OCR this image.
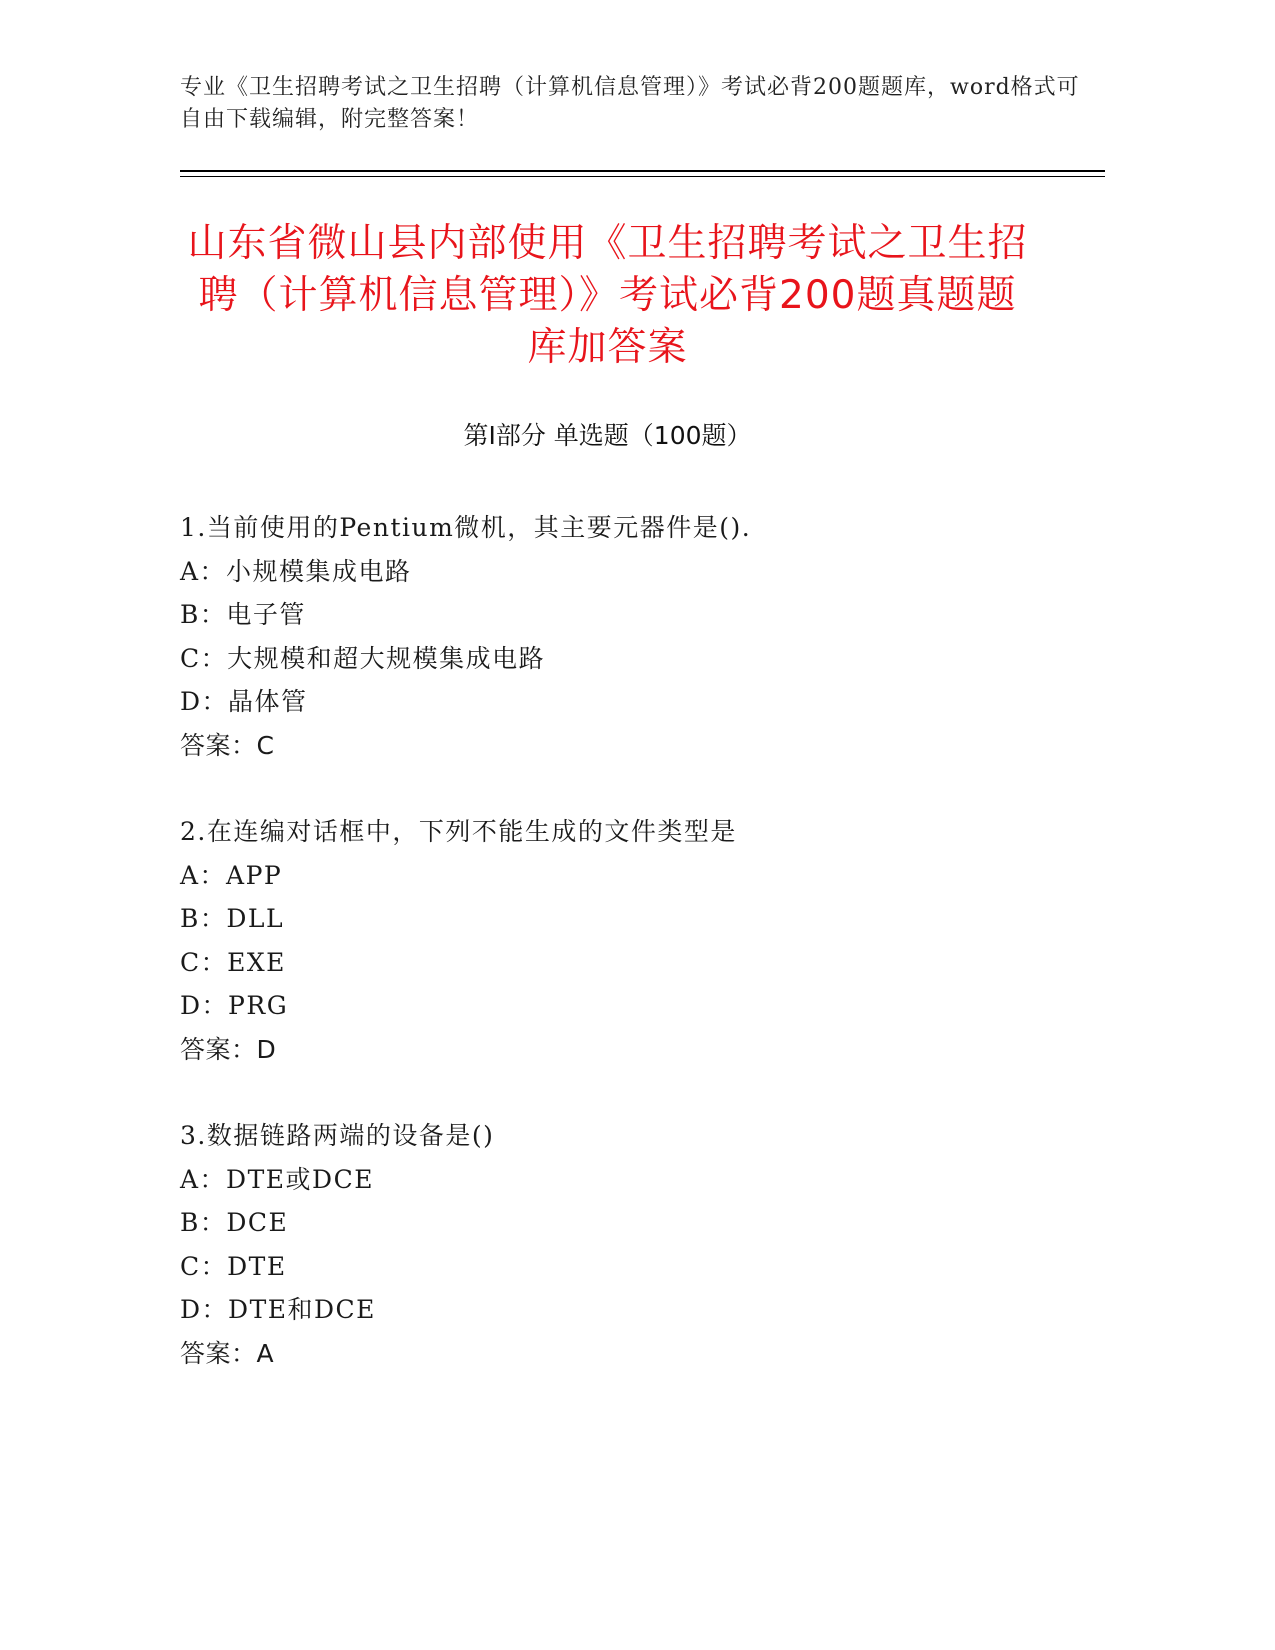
专业《卫生招聘考试之卫生招聘（计算机信息管理）》考试必背200题题库，word格式可自由下载编辑，附完整答案！
山东省微山县内部使用《卫生招聘考试之卫生招聘（计算机信息管理）》考试必背200题真题题库加答案
第Ⅰ部分 单选题（100题）
1.当前使用的Pentium微机，其主要元器件是().
A：小规模集成电路
B：电子管
C：大规模和超大规模集成电路
D：晶体管
答案：C
2.在连编对话框中，下列不能生成的文件类型是
A：APP
B：DLL
C：EXE
D：PRG
答案：D
3.数据链路两端的设备是()
A：DTE或DCE
B：DCE
C：DTE
D：DTE和DCE
答案：A
